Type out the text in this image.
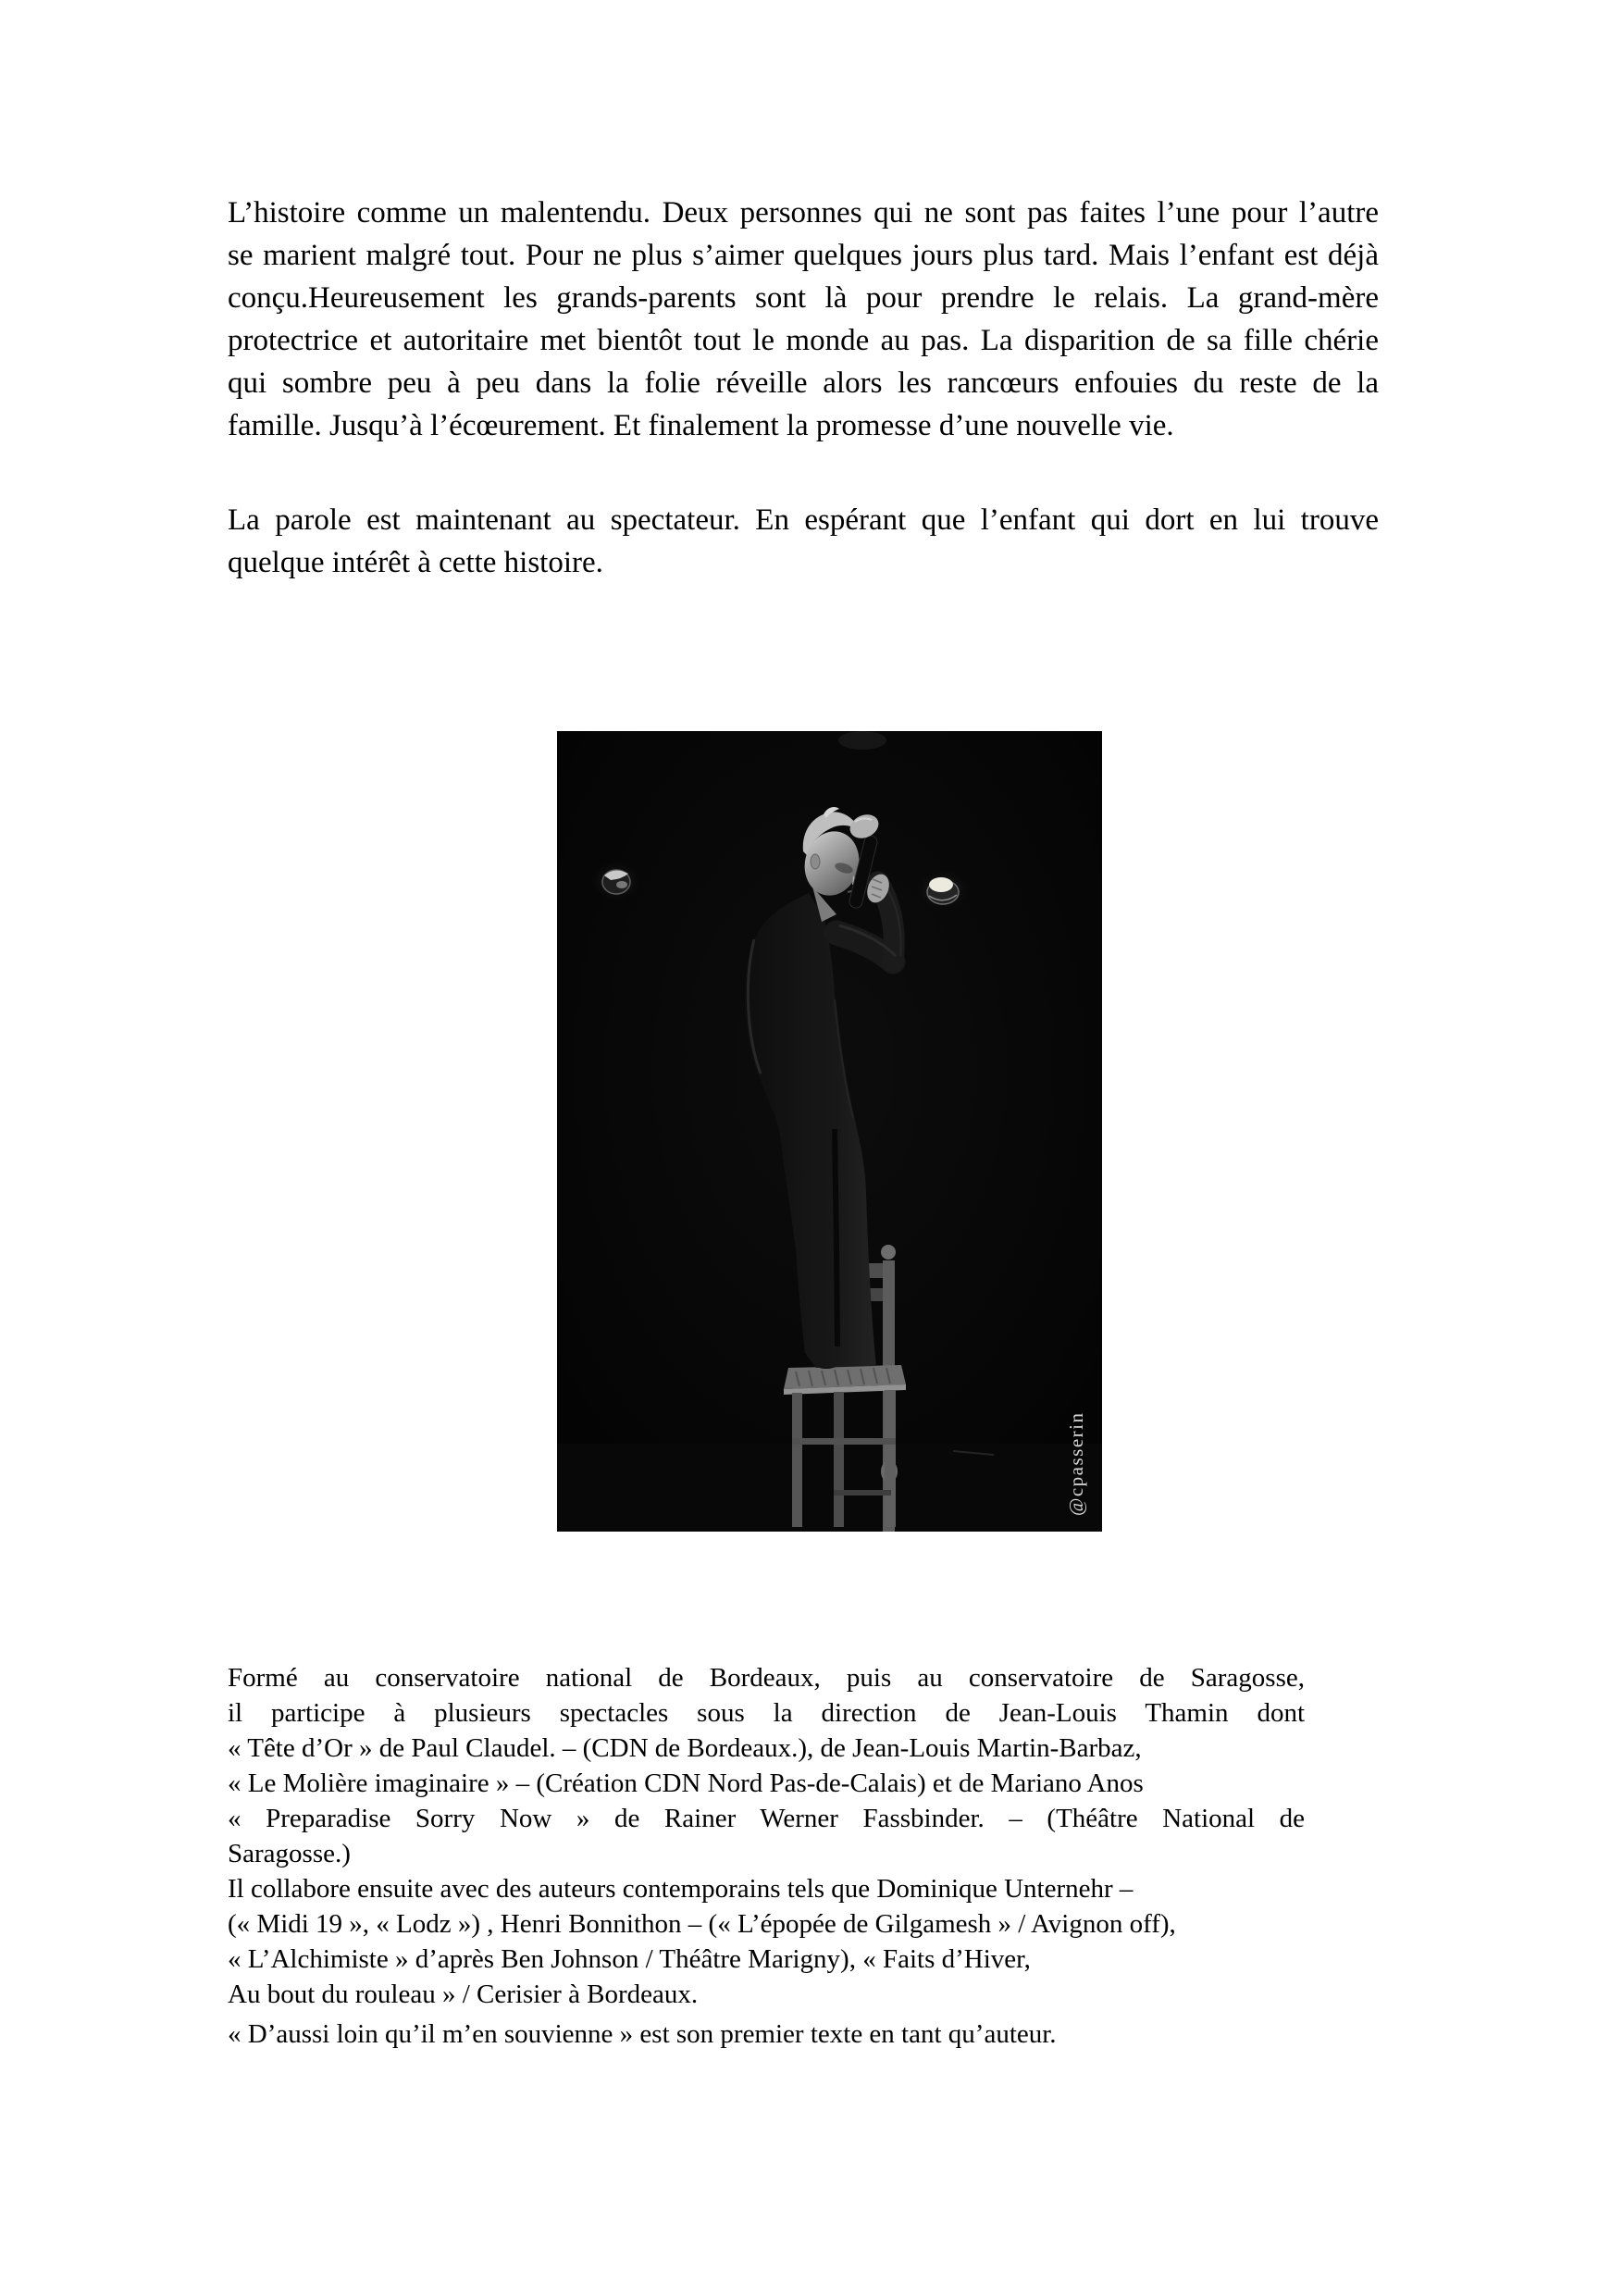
L’histoire comme un malentendu. Deux personnes qui ne sont pas faites l’une pour l’autre
se marient malgré tout. Pour ne plus s’aimer quelques jours plus tard. Mais l’enfant est déjà
conçu.Heureusement les grands-parents sont là pour prendre le relais. La grand-mère
protectrice et autoritaire met bientôt tout le monde au pas. La disparition de sa fille chérie
qui sombre peu à peu dans la folie réveille alors les rancœurs enfouies du reste de la
famille. Jusqu’à l’écœurement. Et finalement la promesse d’une nouvelle vie.
La parole est maintenant au spectateur. En espérant que l’enfant qui dort en lui trouve
quelque intérêt à cette histoire.
@cpasserin
Formé au conservatoire national de Bordeaux, puis au conservatoire de Saragosse,
il participe à plusieurs spectacles sous la direction de Jean-Louis Thamin dont
« Tête d’Or » de Paul Claudel. – (CDN de Bordeaux.), de Jean-Louis Martin-Barbaz,
« Le Molière imaginaire » – (Création CDN Nord Pas-de-Calais) et de Mariano Anos
« Preparadise Sorry Now » de Rainer Werner Fassbinder. – (Théâtre National de
Saragosse.)
Il collabore ensuite avec des auteurs contemporains tels que Dominique Unternehr –
(« Midi 19 », « Lodz ») , Henri Bonnithon – (« L’épopée de Gilgamesh » / Avignon off),
« L’Alchimiste » d’après Ben Johnson / Théâtre Marigny), « Faits d’Hiver,
Au bout du rouleau » / Cerisier à Bordeaux.
« D’aussi loin qu’il m’en souvienne » est son premier texte en tant qu’auteur.
